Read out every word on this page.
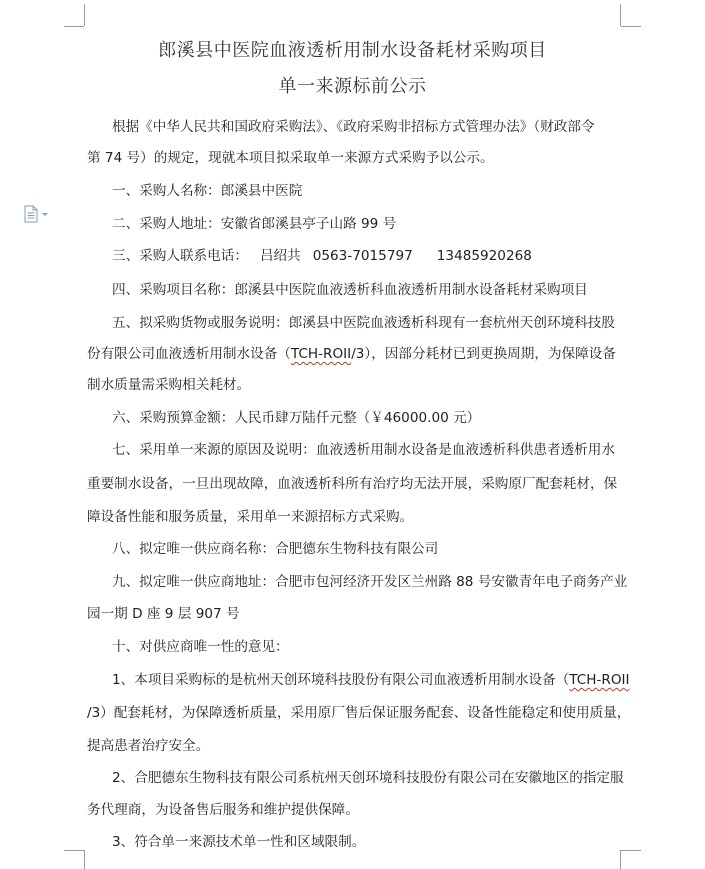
郎溪县中医院血液透析用制水设备耗材采购项目
单一来源标前公示
根据《中华人民共和国政府采购法》、《政府采购非招标方式管理办法》（财政部令
第 74 号）的规定，现就本项目拟采取单一来源方式采购予以公示。
一、采购人名称：郎溪县中医院
二、采购人地址：安徽省郎溪县亭子山路 99 号
三、采购人联系电话： 吕绍共 0563-7015797 13485920268
四、采购项目名称：郎溪县中医院血液透析科血液透析用制水设备耗材采购项目
五、拟采购货物或服务说明：郎溪县中医院血液透析科现有一套杭州天创环境科技股
份有限公司血液透析用制水设备（TCH-ROII/3），因部分耗材已到更换周期，为保障设备
制水质量需采购相关耗材。
六、采购预算金额：人民币肆万陆仟元整（￥46000.00 元）
七、采用单一来源的原因及说明：血液透析用制水设备是血液透析科供患者透析用水
重要制水设备，一旦出现故障，血液透析科所有治疗均无法开展，采购原厂配套耗材，保
障设备性能和服务质量，采用单一来源招标方式采购。
八、拟定唯一供应商名称：合肥德东生物科技有限公司
九、拟定唯一供应商地址：合肥市包河经济开发区兰州路 88 号安徽青年电子商务产业
园一期 D 座 9 层 907 号
十、对供应商唯一性的意见：
1、本项目采购标的是杭州天创环境科技股份有限公司血液透析用制水设备（TCH-ROII
/3）配套耗材，为保障透析质量，采用原厂售后保证服务配套、设备性能稳定和使用质量，
提高患者治疗安全。
2、合肥德东生物科技有限公司系杭州天创环境科技股份有限公司在安徽地区的指定服
务代理商，为设备售后服务和维护提供保障。
3、符合单一来源技术单一性和区域限制。
